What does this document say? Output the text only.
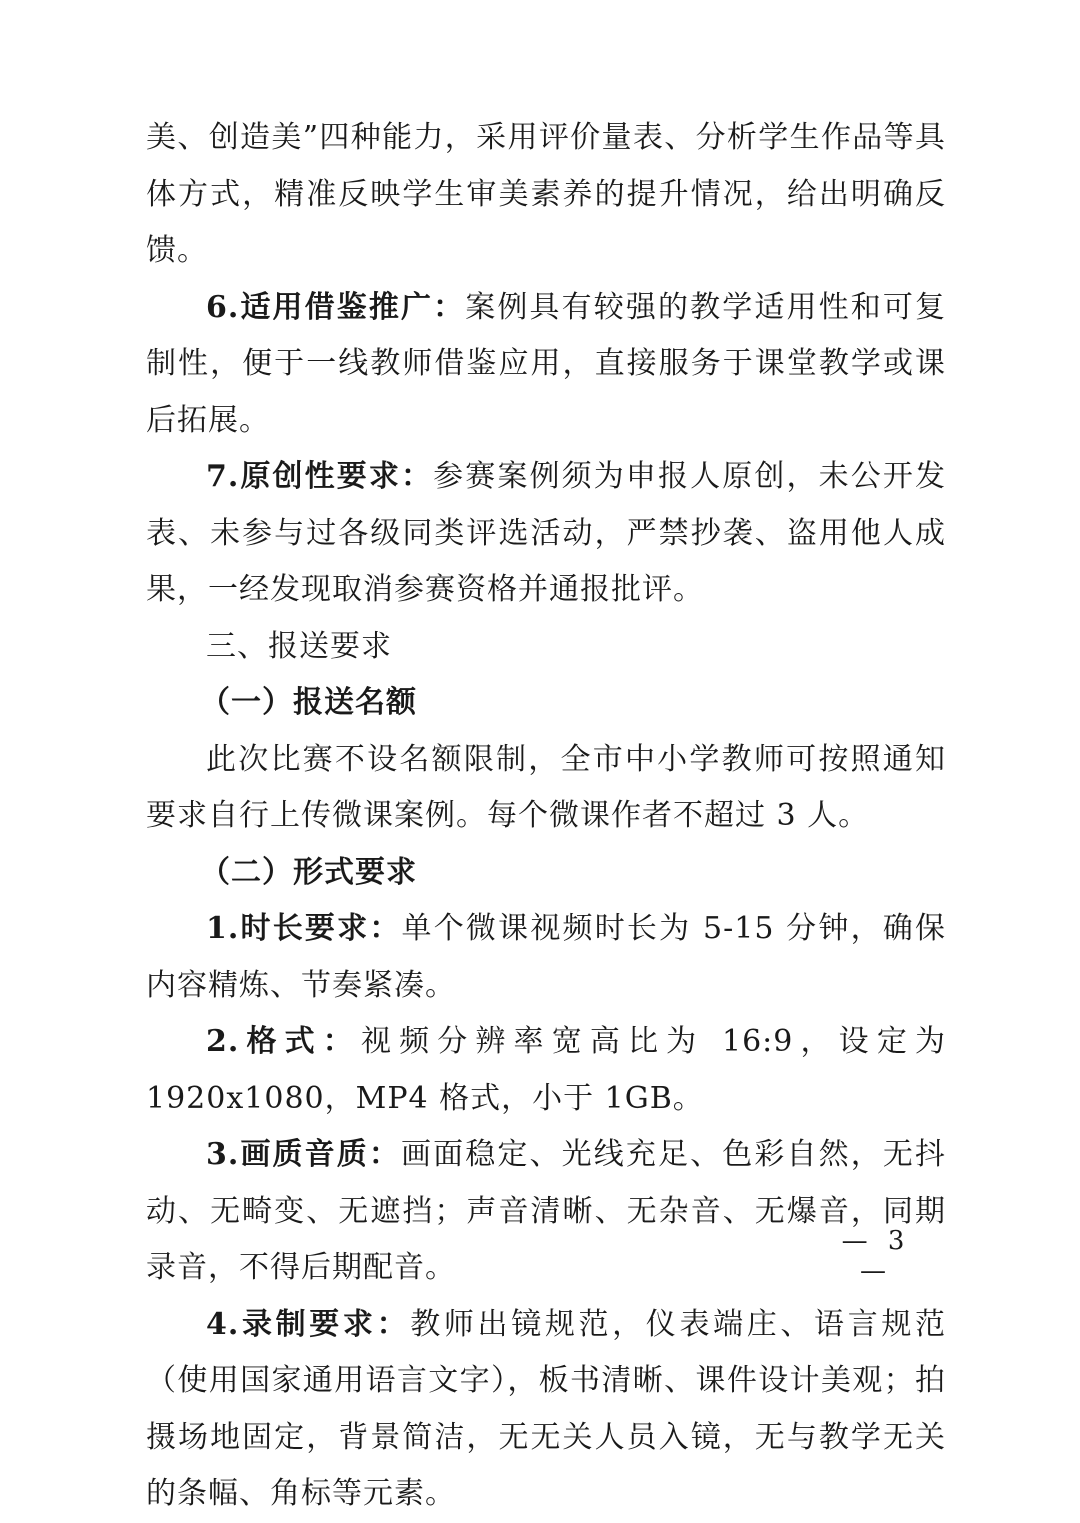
美、创造美”四种能力，采用评价量表、分析学生作品等具体方式，精准反映学生审美素养的提升情况，给出明确反馈。

6.适用借鉴推广：案例具有较强的教学适用性和可复制性，便于一线教师借鉴应用，直接服务于课堂教学或课后拓展。

7.原创性要求：参赛案例须为申报人原创，未公开发表、未参与过各级同类评选活动，严禁抄袭、盗用他人成果，一经发现取消参赛资格并通报批评。

三、报送要求

（一）报送名额

此次比赛不设名额限制，全市中小学教师可按照通知要求自行上传微课案例。每个微课作者不超过 3 人。

（二）形式要求

1.时长要求：单个微课视频时长为 5-15 分钟，确保内容精炼、节奏紧凑。

2.格式：视频分辨率宽高比为 16:9，设定为 1920x1080，MP4 格式，小于 1GB。

3.画质音质：画面稳定、光线充足、色彩自然，无抖动、无畸变、无遮挡；声音清晰、无杂音、无爆音，同期录音，不得后期配音。

4.录制要求：教师出镜规范，仪表端庄、语言规范（使用国家通用语言文字），板书清晰、课件设计美观；拍摄场地固定，背景简洁，无无关人员入镜，无与教学无关的条幅、角标等元素。

— 3 —
